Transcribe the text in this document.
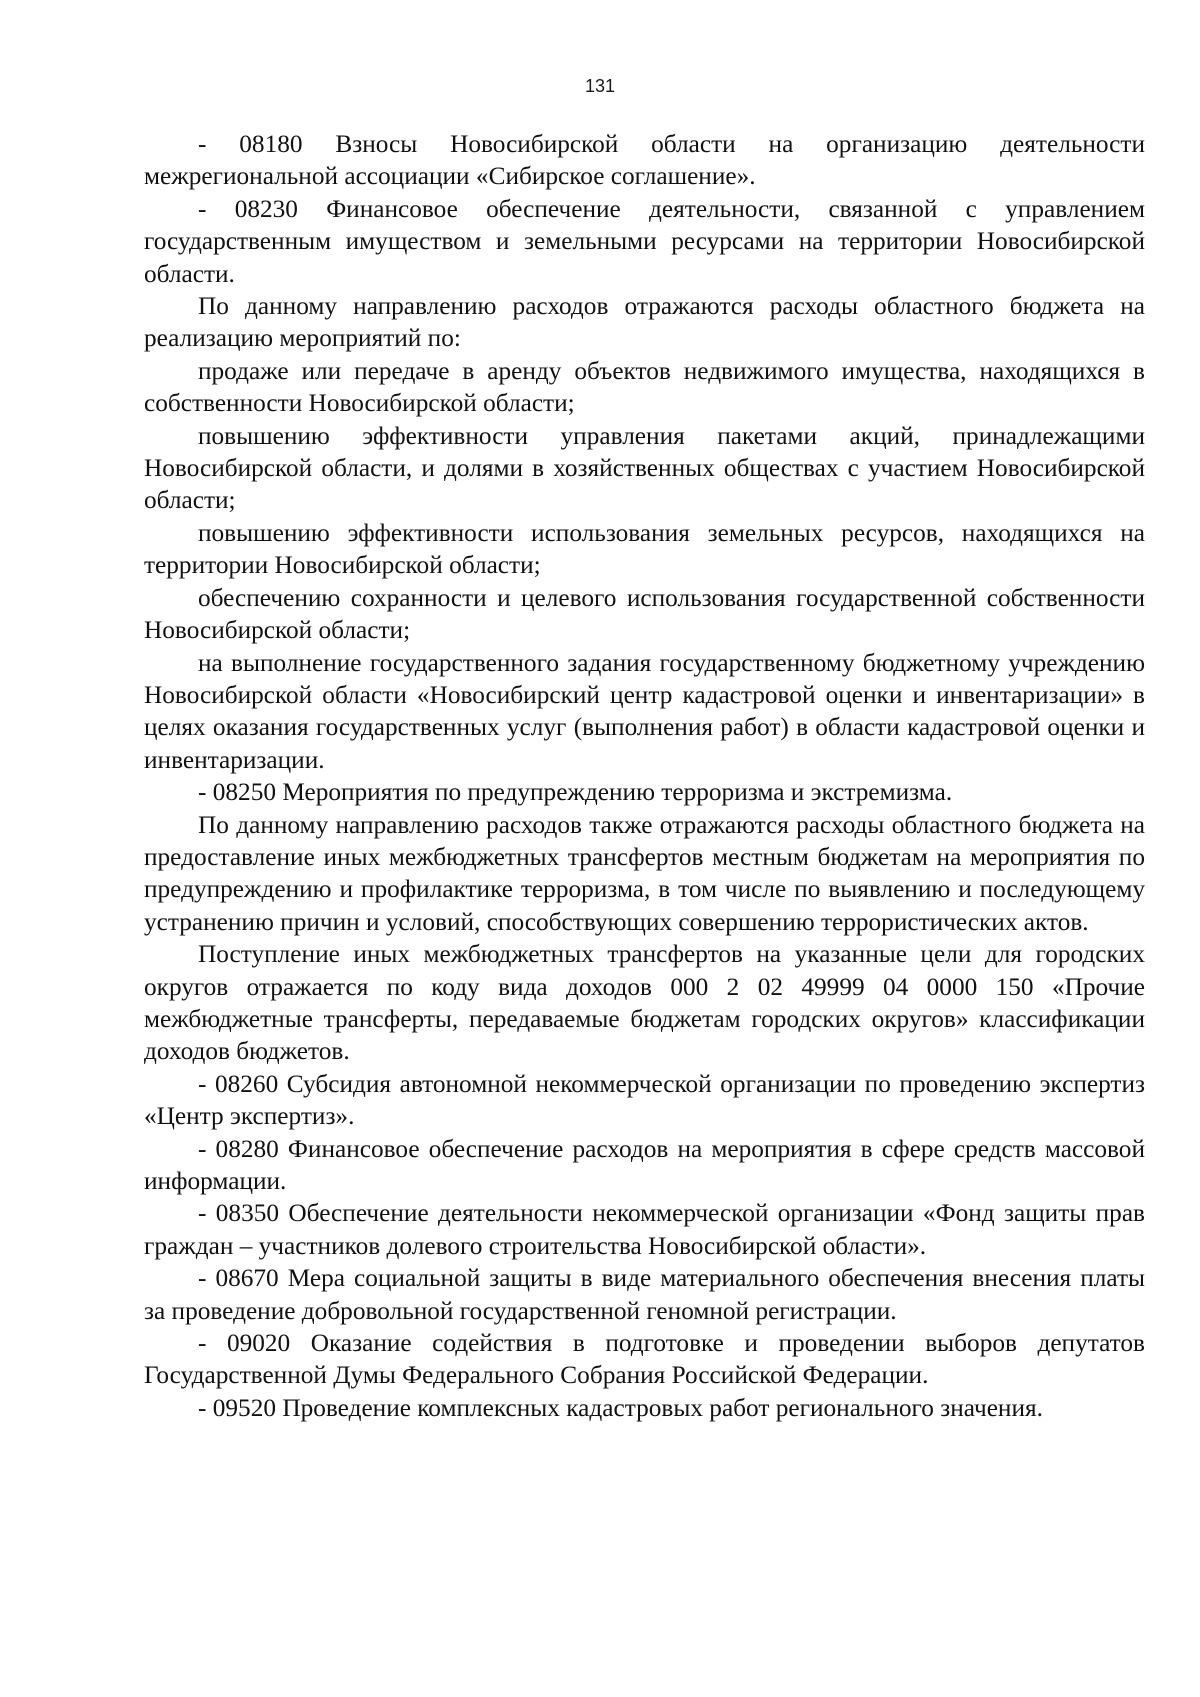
131

- 08180 Взносы Новосибирской области на организацию деятельности межрегиональной ассоциации «Сибирское соглашение».

- 08230 Финансовое обеспечение деятельности, связанной с управлением государственным имуществом и земельными ресурсами на территории Новосибирской области.

По данному направлению расходов отражаются расходы областного бюджета на реализацию мероприятий по:

продаже или передаче в аренду объектов недвижимого имущества, находящихся в собственности Новосибирской области;

повышению эффективности управления пакетами акций, принадлежащими Новосибирской области, и долями в хозяйственных обществах с участием Новосибирской области;

повышению эффективности использования земельных ресурсов, находящихся на территории Новосибирской области;

обеспечению сохранности и целевого использования государственной собственности Новосибирской области;

на выполнение государственного задания государственному бюджетному учреждению Новосибирской области «Новосибирский центр кадастровой оценки и инвентаризации» в целях оказания государственных услуг (выполнения работ) в области кадастровой оценки и инвентаризации.

- 08250 Мероприятия по предупреждению терроризма и экстремизма.

По данному направлению расходов также отражаются расходы областного бюджета на предоставление иных межбюджетных трансфертов местным бюджетам на мероприятия по предупреждению и профилактике терроризма, в том числе по выявлению и последующему устранению причин и условий, способствующих совершению террористических актов.

Поступление иных межбюджетных трансфертов на указанные цели для городских округов отражается по коду вида доходов 000 2 02 49999 04 0000 150 «Прочие межбюджетные трансферты, передаваемые бюджетам городских округов» классификации доходов бюджетов.

- 08260 Субсидия автономной некоммерческой организации по проведению экспертиз «Центр экспертиз».

- 08280 Финансовое обеспечение расходов на мероприятия в сфере средств массовой информации.

- 08350 Обеспечение деятельности некоммерческой организации «Фонд защиты прав граждан – участников долевого строительства Новосибирской области».

- 08670 Мера социальной защиты в виде материального обеспечения внесения платы за проведение добровольной государственной геномной регистрации.

- 09020 Оказание содействия в подготовке и проведении выборов депутатов Государственной Думы Федерального Собрания Российской Федерации.

- 09520 Проведение комплексных кадастровых работ регионального значения.
